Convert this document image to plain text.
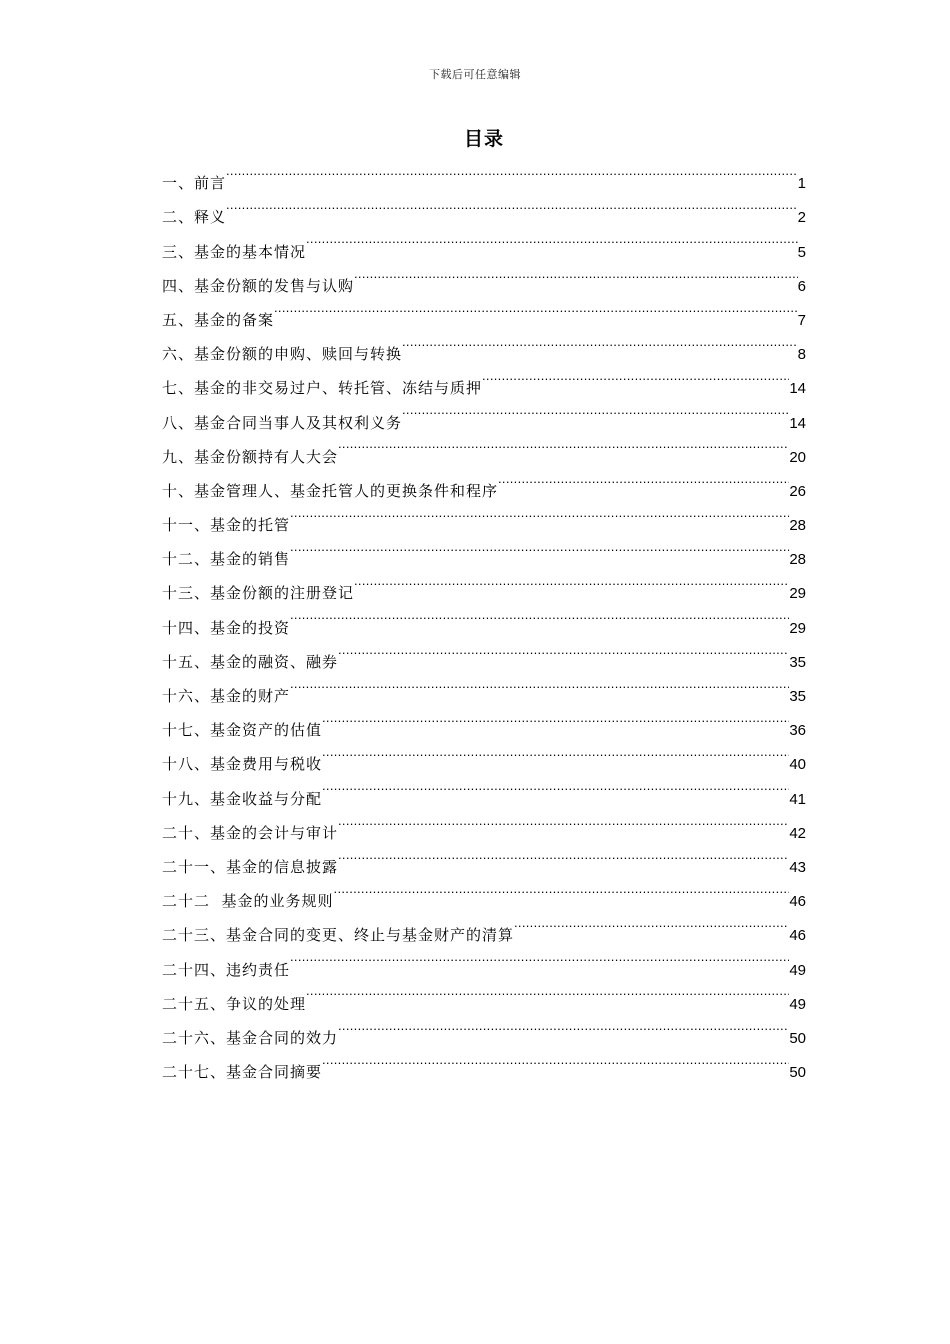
下载后可任意编辑
目录
一、前言 .....	1
二、释义 .....	2
三、基金的基本情况 .....	5
四、基金份额的发售与认购 .....	6
五、基金的备案 .....	7
六、基金份额的申购、赎回与转换 .....	8
七、基金的非交易过户、转托管、冻结与质押 .....	14
八、基金合同当事人及其权利义务 .....	14
九、基金份额持有人大会 .....	20
十、基金管理人、基金托管人的更换条件和程序 .....	26
十一、基金的托管 .....	28
十二、基金的销售 .....	28
十三、基金份额的注册登记 .....	29
十四、基金的投资 .....	29
十五、基金的融资、融券 .....	35
十六、基金的财产 .....	35
十七、基金资产的估值 .....	36
十八、基金费用与税收 .....	40
十九、基金收益与分配 .....	41
二十、基金的会计与审计 .....	42
二十一、基金的信息披露 .....	43
二十二  基金的业务规则 .....	46
二十三、基金合同的变更、终止与基金财产的清算 .....	46
二十四、违约责任 .....	49
二十五、争议的处理 .....	49
二十六、基金合同的效力 .....	50
二十七、基金合同摘要 .....	50
